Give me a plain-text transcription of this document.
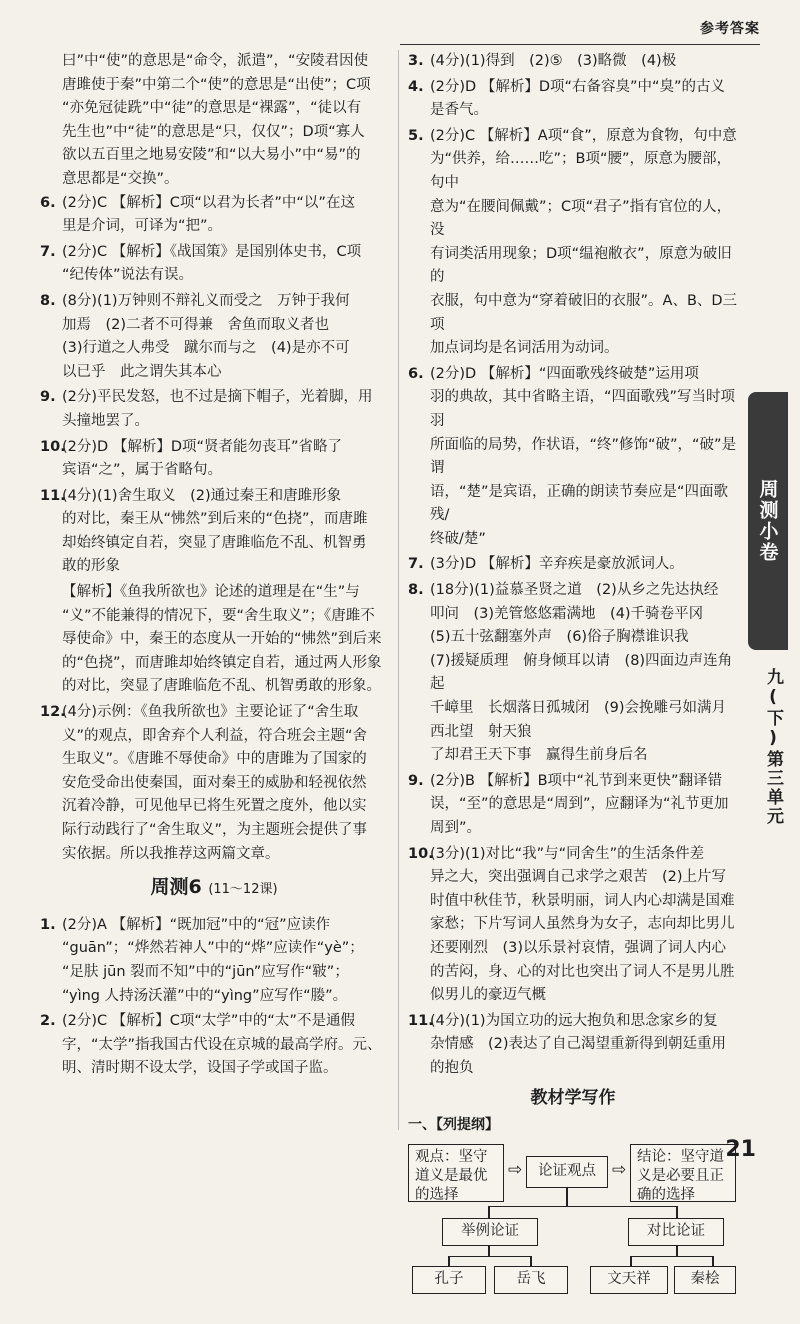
参考答案
曰”中“使”的意思是“命令，派遣”，“安陵君因使
唐雎使于秦”中第二个“使”的意思是“出使”；C项
“亦免冠徒跣”中“徒”的意思是“裸露”，“徒以有
先生也”中“徒”的意思是“只，仅仅”；D项“寡人
欲以五百里之地易安陵”和“以大易小”中“易”的
意思都是“交换”。
6. (2分)C 【解析】C项“以君为长者”中“以”在这

里是介词，可译为“把”。

7. (2分)C 【解析】《战国策》是国别体史书，C项

“纪传体”说法有误。

8. (8分)(1)万钟则不辩礼义而受之　万钟于我何

加焉　(2)二者不可得兼　舍鱼而取义者也

(3)行道之人弗受　蹴尔而与之　(4)是亦不可

以已乎　此之谓失其本心

9. (2分)平民发怒，也不过是摘下帽子，光着脚，用

头撞地罢了。

10.

(2分)D 【解析】D项“贤者能勿丧耳”省略了

宾语“之”，属于省略句。

11.

(4分)(1)舍生取义　(2)通过秦王和唐雎形象

的对比，秦王从“怫然”到后来的“色挠”，而唐雎

却始终镇定自若，突显了唐雎临危不乱、机智勇

敢的形象

【解析】《鱼我所欲也》论述的道理是在“生”与

“义”不能兼得的情况下，要“舍生取义”；《唐雎不

辱使命》中，秦王的态度从一开始的“怫然”到后来

的“色挠”，而唐雎却始终镇定自若，通过两人形象

的对比，突显了唐雎临危不乱、机智勇敢的形象。

12.

(4分)示例：《鱼我所欲也》主要论证了“舍生取

义”的观点，即舍弃个人利益，符合班会主题“舍

生取义”。《唐雎不辱使命》中的唐雎为了国家的

安危受命出使秦国，面对秦王的威胁和轻视依然

沉着冷静，可见他早已将生死置之度外，他以实

际行动践行了“舍生取义”，为主题班会提供了事

实依据。所以我推荐这两篇文章。

周测6 (11～12课)
1. (2分)A 【解析】“既加冠”中的“冠”应读作

“guān”；“烨然若神人”中的“烨”应读作“yè”；

“足肤 jūn 裂而不知”中的“jūn”应写作“皲”；

“yìng 人持汤沃灌”中的“yìng”应写作“媵”。

2. (2分)C 【解析】C项“太学”中的“太”不是通假

字，“太学”指我国古代设在京城的最高学府。元、

明、清时期不设太学，设国子学或国子监。

3. (4分)(1)得到　(2)⑤　(3)略微　(4)极

4. (2分)D 【解析】D项“右备容臭”中“臭”的古义

是香气。

5. (2分)C 【解析】A项“食”，原意为食物，句中意

为“供养，给……吃”；B项“腰”，原意为腰部，句中

意为“在腰间佩戴”；C项“君子”指有官位的人，没

有词类活用现象；D项“缊袍敝衣”，原意为破旧的

衣服，句中意为“穿着破旧的衣服”。A、B、D三项

加点词均是名词活用为动词。

6. (2分)D 【解析】“四面歌残终破楚”运用项

羽的典故，其中省略主语，“四面歌残”写当时项羽

所面临的局势，作状语，“终”修饰“破”，“破”是谓

语，“楚”是宾语，正确的朗读节奏应是“四面歌残/

终破/楚”

7. (3分)D 【解析】辛弃疾是豪放派词人。

8. (18分)(1)益慕圣贤之道　(2)从乡之先达执经

叩问　(3)羌管悠悠霜满地　(4)千骑卷平冈

(5)五十弦翻塞外声　(6)俗子胸襟谁识我

(7)援疑质理　俯身倾耳以请　(8)四面边声连角起

千嶂里　长烟落日孤城闭　(9)会挽雕弓如满月　西北望　射天狼

了却君王天下事　赢得生前身后名

9. (2分)B 【解析】B项中“礼节到来更快”翻译错

误，“至”的意思是“周到”，应翻译为“礼节更加

周到”。

10.

(3分)(1)对比“我”与“同舍生”的生活条件差

异之大，突出强调自己求学之艰苦　(2)上片写

时值中秋佳节，秋景明丽，词人内心却满是国难

家愁；下片写词人虽然身为女子，志向却比男儿

还要刚烈　(3)以乐景衬哀情，强调了词人内心

的苦闷，身、心的对比也突出了词人不是男儿胜

似男儿的豪迈气概

11.

(4分)(1)为国立功的远大抱负和思念家乡的复

杂情感　(2)表达了自己渴望重新得到朝廷重用

的抱负

教材学写作
一、【列提纲】
观点：坚守道义是最优的选择
⇨	论证观点 ⇨
结论：坚守道义是必要且正确的选择
举例论证	对比论证
孔子	岳飞	文天祥	秦桧
周测小卷
九(下)第三单元
21
